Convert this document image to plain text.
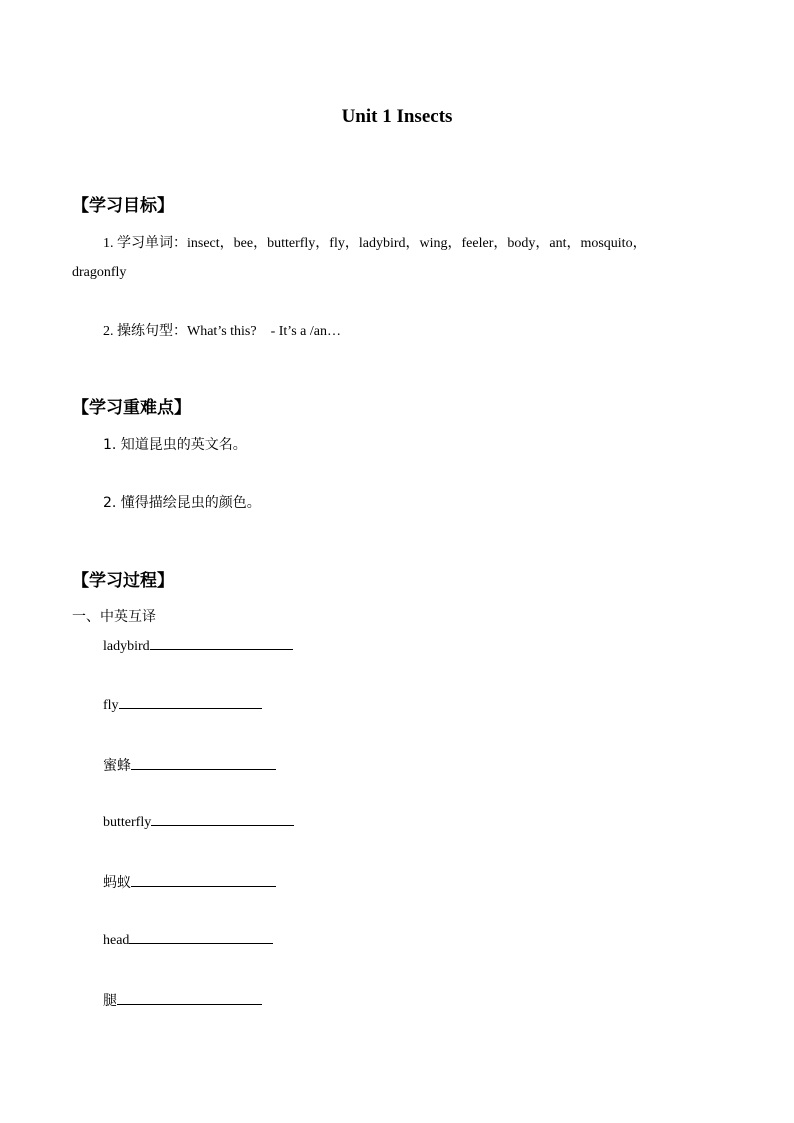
Unit 1 Insects
【学习目标】
1. 学习单词：insect，bee，butterfly，fly，ladybird，wing，feeler，body，ant，mosquito，
dragonfly
2. 操练句型：What’s this?    - It’s a /an…
【学习重难点】
1. 知道昆虫的英文名。
2. 懂得描绘昆虫的颜色。
【学习过程】
一、中英互译
ladybird
fly
蜜蜂
butterfly
蚂蚁
head
腿
